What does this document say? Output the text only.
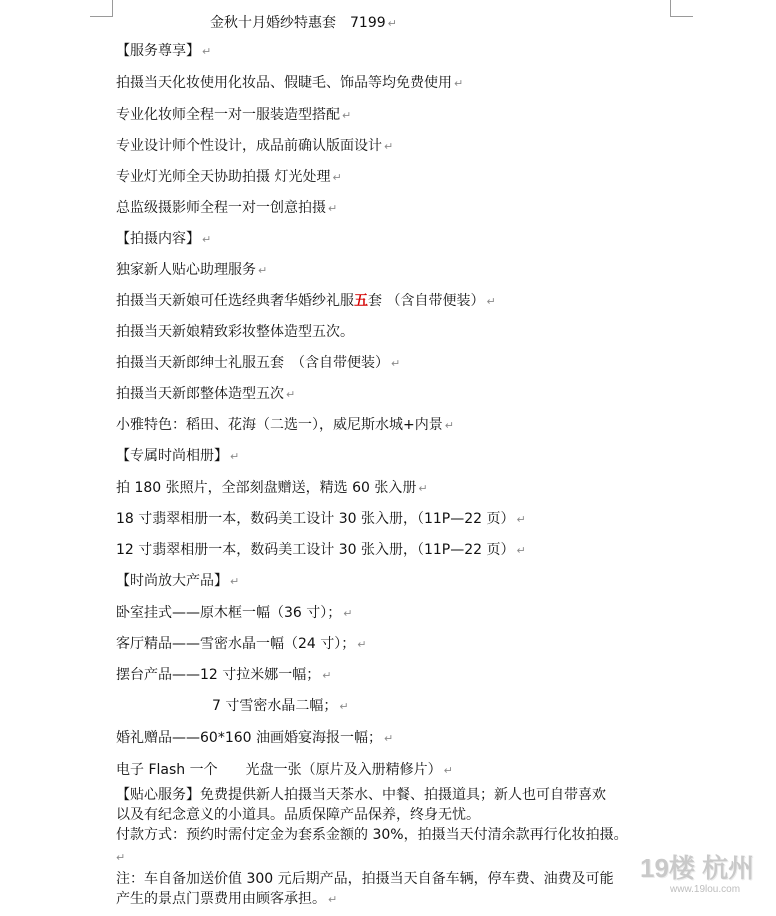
金秋十月婚纱特惠套　7199 ↵
【服务尊享】 ↵
拍摄当天化妆使用化妆品、假睫毛、饰品等均免费使用 ↵
专业化妆师全程一对一服装造型搭配 ↵
专业设计师个性设计，成品前确认版面设计 ↵
专业灯光师全天协助拍摄 灯光处理 ↵
总监级摄影师全程一对一创意拍摄 ↵
【拍摄内容】 ↵
独家新人贴心助理服务 ↵
拍摄当天新娘可任选经典奢华婚纱礼服五套 （含自带便装） ↵
拍摄当天新娘精致彩妆整体造型五次。
拍摄当天新郎绅士礼服五套　（含自带便装） ↵
拍摄当天新郎整体造型五次 ↵
小雅特色：稻田、花海（二选一），威尼斯水城+内景 ↵
【专属时尚相册】 ↵
拍 180 张照片，全部刻盘赠送，精选 60 张入册 ↵
18 寸翡翠相册一本，数码美工设计 30 张入册，（11P—22 页） ↵
12 寸翡翠相册一本，数码美工设计 30 张入册，（11P—22 页） ↵
【时尚放大产品】 ↵
卧室挂式——原木框一幅（36 寸）； ↵
客厅精品——雪密水晶一幅（24 寸）； ↵
摆台产品——12 寸拉米娜一幅； ↵
7 寸雪密水晶二幅； ↵
婚礼赠品——60*160 油画婚宴海报一幅； ↵
电子 Flash 一个　　光盘一张（原片及入册精修片） ↵
【贴心服务】免费提供新人拍摄当天茶水、中餐、拍摄道具；新人也可自带喜欢
以及有纪念意义的小道具。品质保障产品保养，终身无忧。
付款方式：预约时需付定金为套系金额的 30%，拍摄当天付清余款再行化妆拍摄。
↵
注：车自备加送价值 300 元后期产品，拍摄当天自备车辆，停车费、油费及可能
产生的景点门票费用由顾客承担。 ↵
19楼 杭州
www.19lou.com
